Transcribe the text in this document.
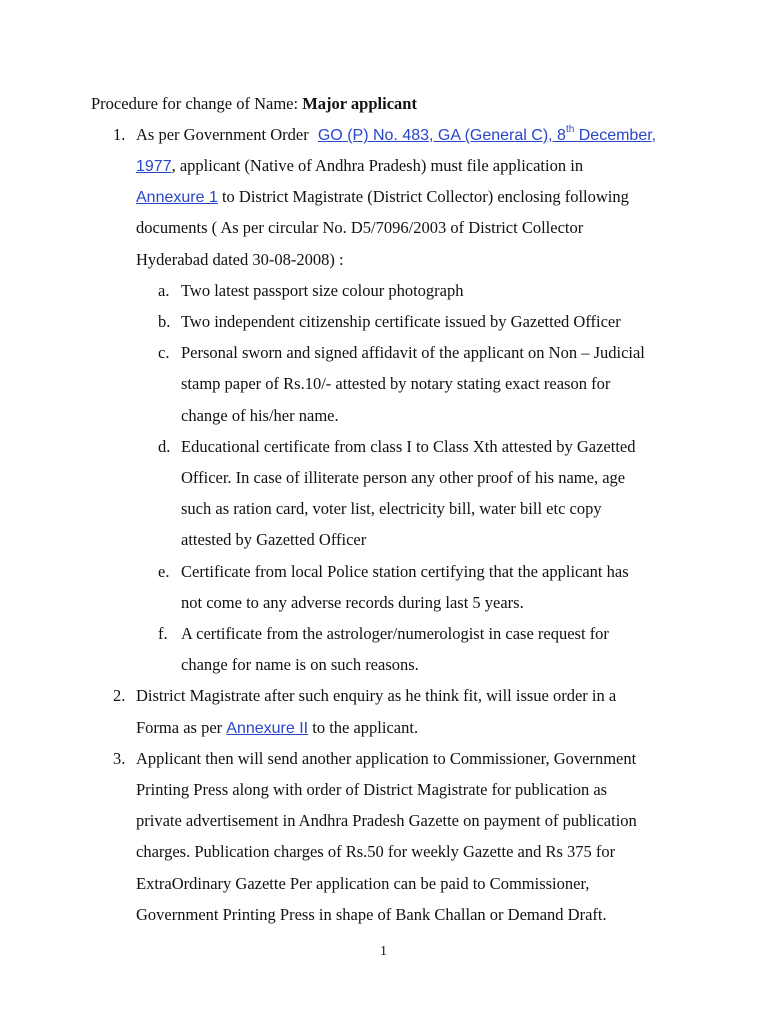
Procedure for change of Name: Major applicant
1. As per Government Order GO (P) No. 483, GA (General C), 8th December,
1977, applicant (Native of Andhra Pradesh) must file application in
Annexure 1 to District Magistrate (District Collector) enclosing following
documents ( As per circular No. D5/7096/2003 of District Collector
Hyderabad dated 30-08-2008) :
a. Two latest passport size colour photograph
b. Two independent citizenship certificate issued by Gazetted Officer
c. Personal sworn and signed affidavit of the applicant on Non – Judicial
stamp paper of Rs.10/- attested by notary stating exact reason for
change of his/her name.
d. Educational certificate from class I to Class Xth attested by Gazetted
Officer. In case of illiterate person any other proof of his name, age
such as ration card, voter list, electricity bill, water bill etc copy
attested by Gazetted Officer
e. Certificate from local Police station certifying that the applicant has
not come to any adverse records during last 5 years.
f. A certificate from the astrologer/numerologist in case request for
change for name is on such reasons.
2. District Magistrate after such enquiry as he think fit, will issue order in a
Forma as per Annexure II to the applicant.
3. Applicant then will send another application to Commissioner, Government
Printing Press along with order of District Magistrate for publication as
private advertisement in Andhra Pradesh Gazette on payment of publication
charges. Publication charges of Rs.50 for weekly Gazette and Rs 375 for
ExtraOrdinary Gazette Per application can be paid to Commissioner,
Government Printing Press in shape of Bank Challan or Demand Draft.
1
